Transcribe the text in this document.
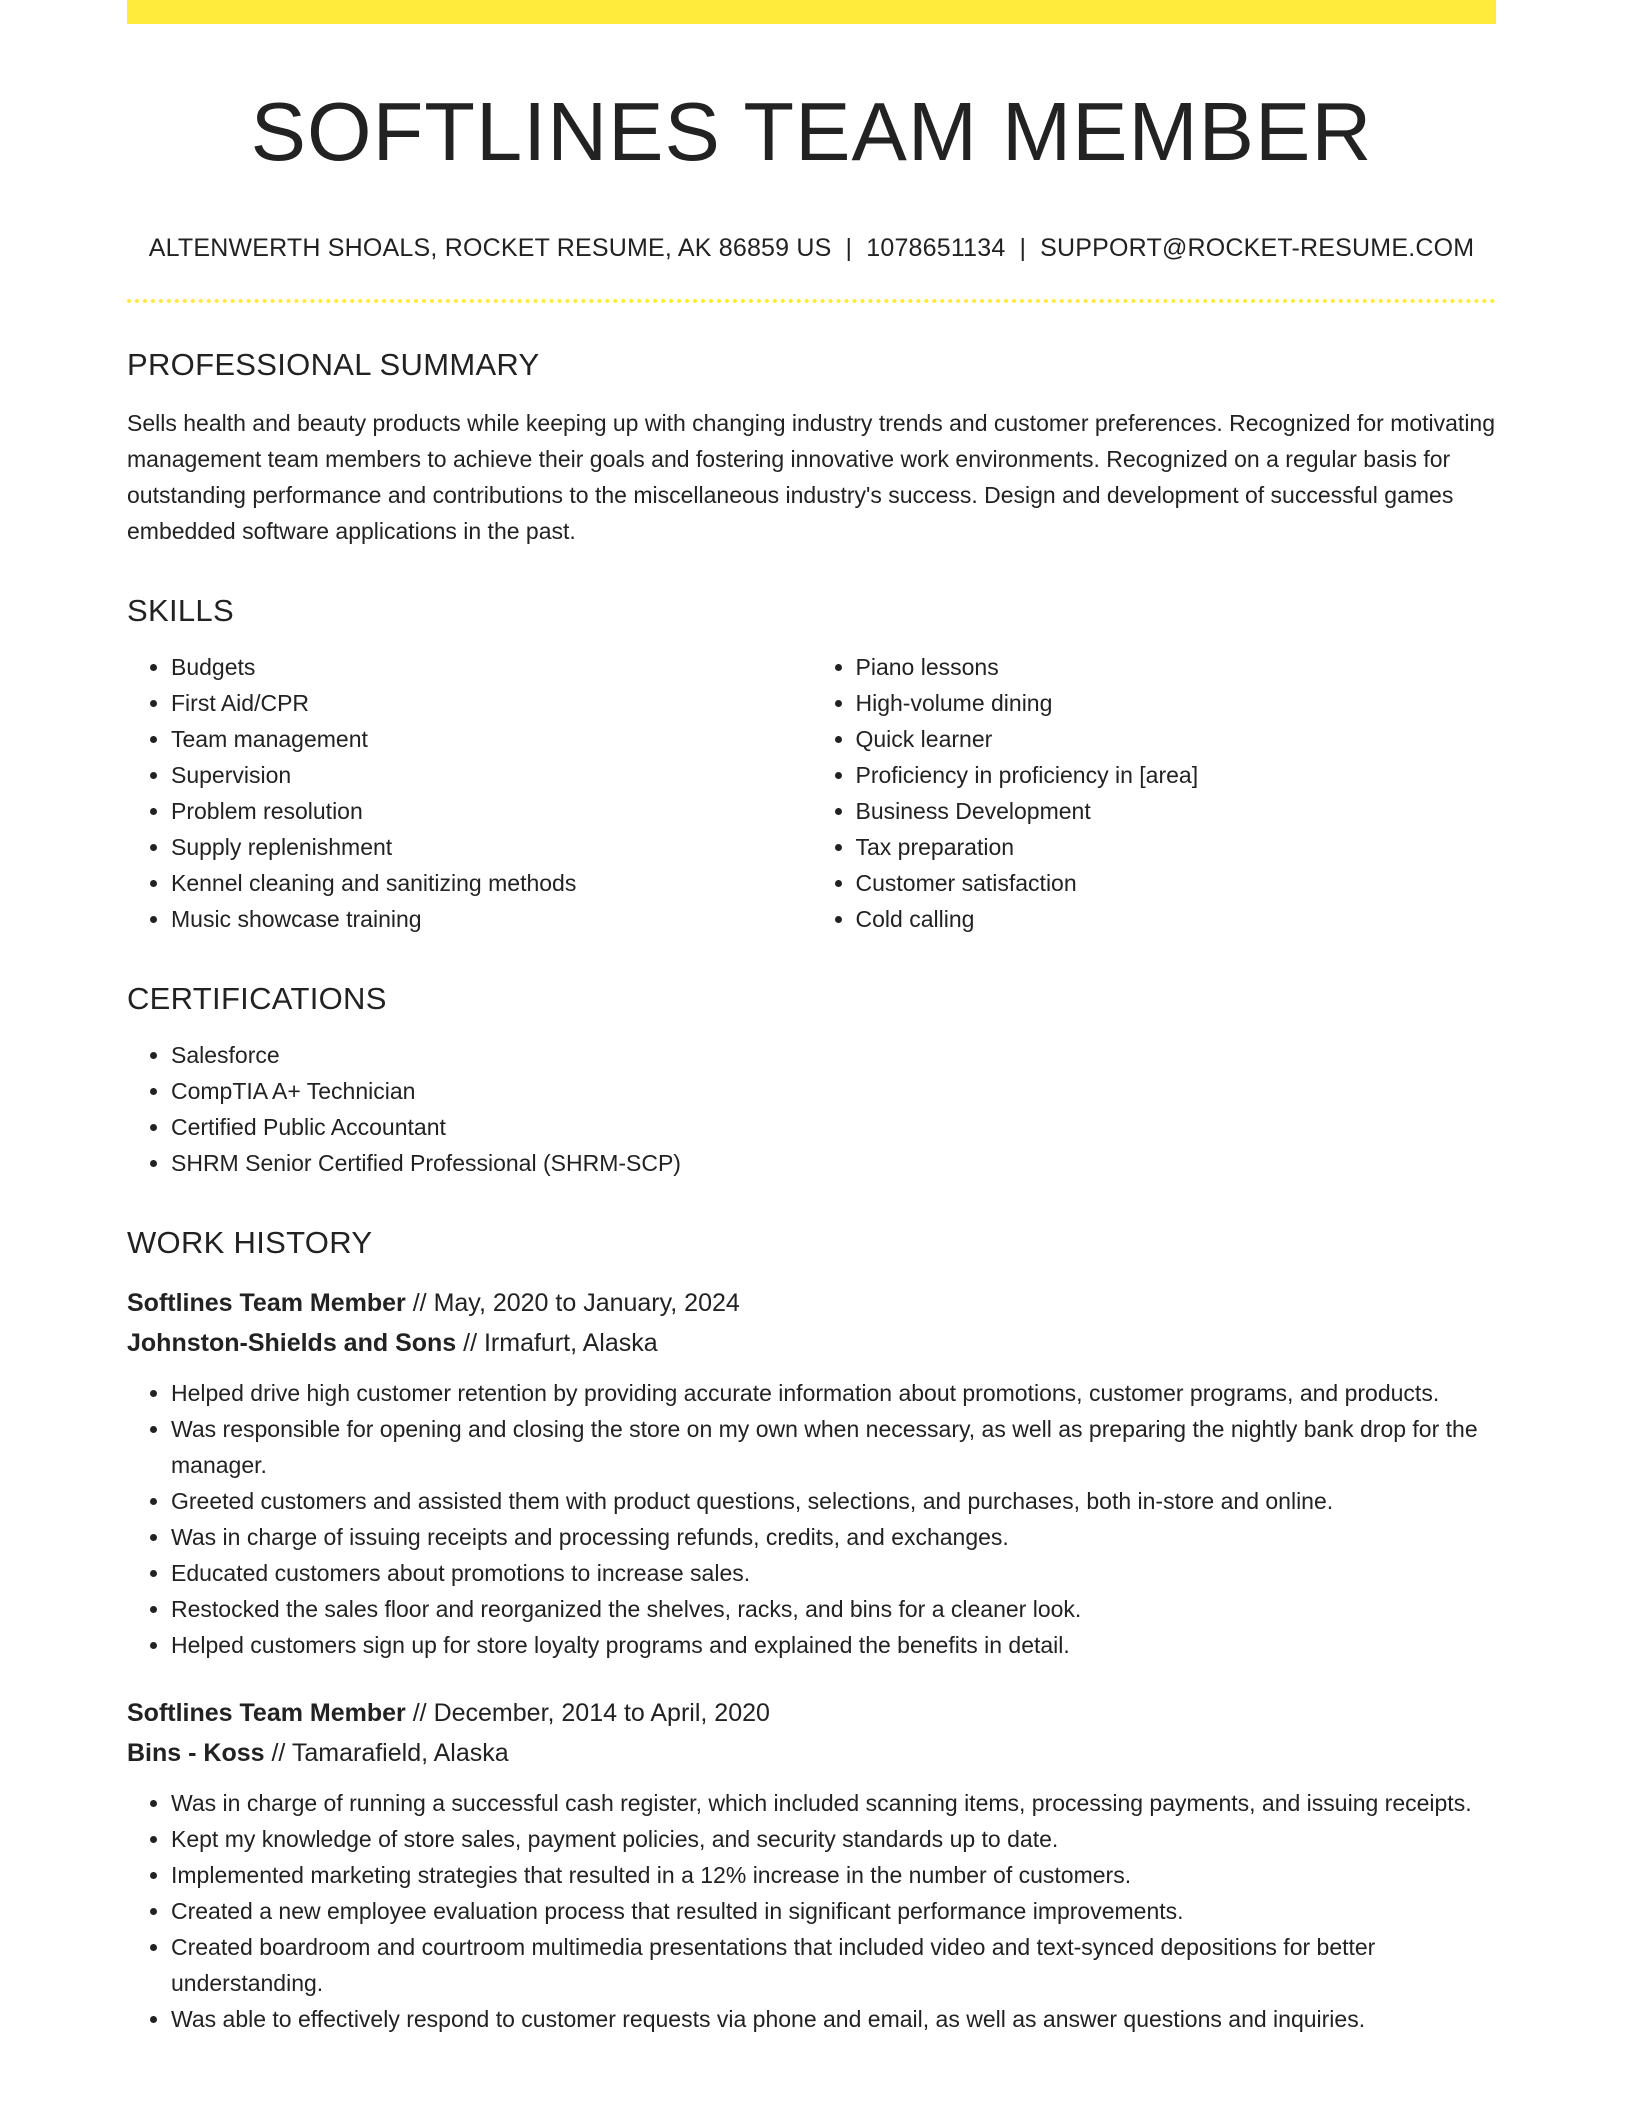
SOFTLINES TEAM MEMBER
ALTENWERTH SHOALS, ROCKET RESUME, AK 86859 US | 1078651134 | SUPPORT@ROCKET-RESUME.COM
PROFESSIONAL SUMMARY

Sells health and beauty products while keeping up with changing industry trends and customer preferences. Recognized for motivating management team members to achieve their goals and fostering innovative work environments. Recognized on a regular basis for outstanding performance and contributions to the miscellaneous industry's success. Design and development of successful games embedded software applications in the past.

SKILLS
• Budgets
• First Aid/CPR
• Team management
• Supervision
• Problem resolution
• Supply replenishment
• Kennel cleaning and sanitizing methods
• Music showcase training
• Piano lessons
• High-volume dining
• Quick learner
• Proficiency in proficiency in [area]
• Business Development
• Tax preparation
• Customer satisfaction
• Cold calling
CERTIFICATIONS
• Salesforce
• CompTIA A+ Technician
• Certified Public Accountant
• SHRM Senior Certified Professional (SHRM-SCP)
WORK HISTORY
Softlines Team Member // May, 2020 to January, 2024
Johnston-Shields and Sons // Irmafurt, Alaska
• Helped drive high customer retention by providing accurate information about promotions, customer programs, and products.
• Was responsible for opening and closing the store on my own when necessary, as well as preparing the nightly bank drop for the manager.
• Greeted customers and assisted them with product questions, selections, and purchases, both in-store and online.
• Was in charge of issuing receipts and processing refunds, credits, and exchanges.
• Educated customers about promotions to increase sales.
• Restocked the sales floor and reorganized the shelves, racks, and bins for a cleaner look.
• Helped customers sign up for store loyalty programs and explained the benefits in detail.
Softlines Team Member // December, 2014 to April, 2020
Bins - Koss // Tamarafield, Alaska
• Was in charge of running a successful cash register, which included scanning items, processing payments, and issuing receipts.
• Kept my knowledge of store sales, payment policies, and security standards up to date.
• Implemented marketing strategies that resulted in a 12% increase in the number of customers.
• Created a new employee evaluation process that resulted in significant performance improvements.
• Created boardroom and courtroom multimedia presentations that included video and text-synced depositions for better understanding.
• Was able to effectively respond to customer requests via phone and email, as well as answer questions and inquiries.
